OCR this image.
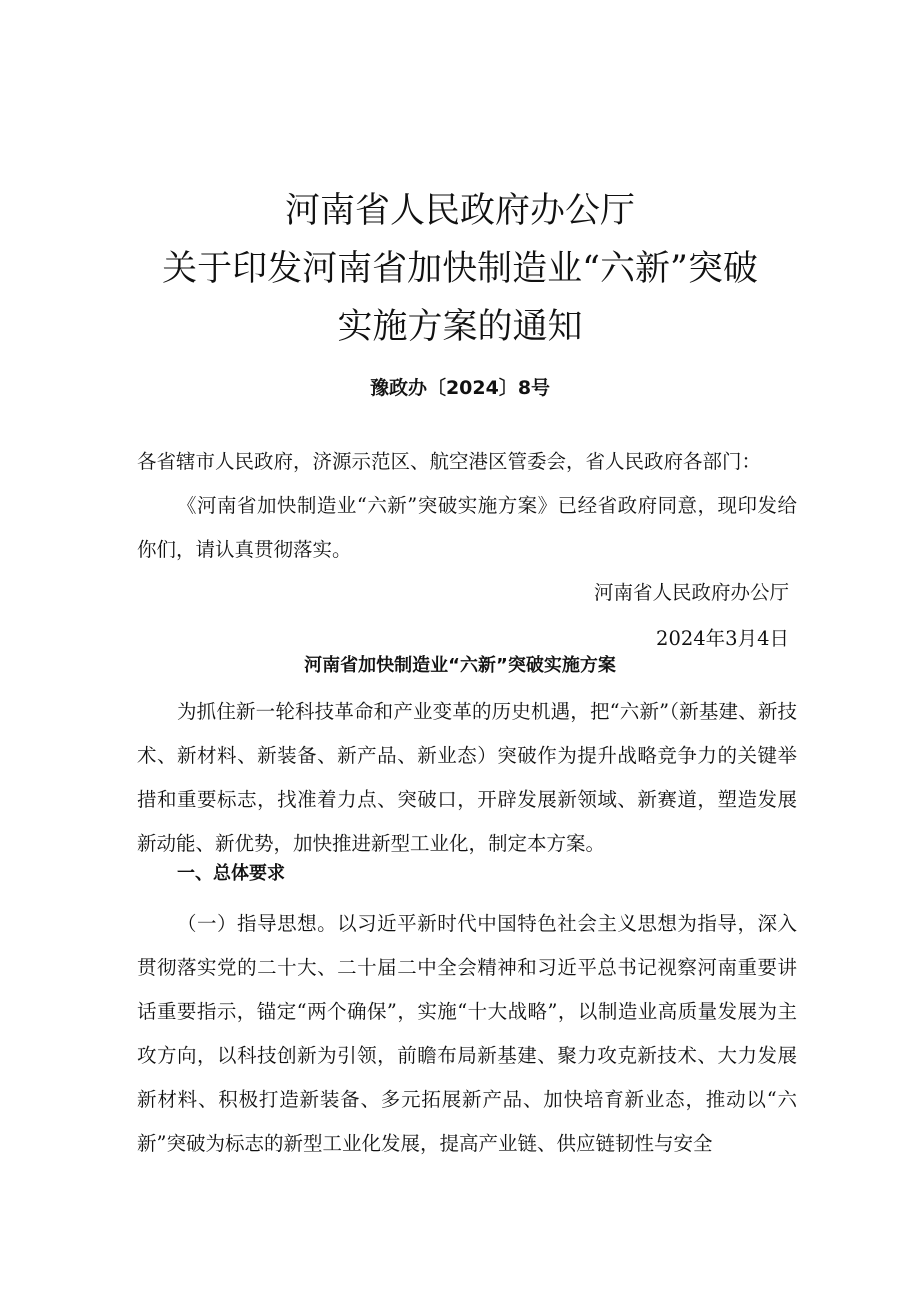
河南省人民政府办公厅
关于印发河南省加快制造业“六新”突破
实施方案的通知
豫政办〔2024〕8号
各省辖市人民政府，济源示范区、航空港区管委会，省人民政府各部门：
《河南省加快制造业“六新”突破实施方案》已经省政府同意，现印发给你们，请认真贯彻落实。
河南省人民政府办公厅
2024年3月4日
河南省加快制造业“六新”突破实施方案
为抓住新一轮科技革命和产业变革的历史机遇，把“六新”（新基建、新技术、新材料、新装备、新产品、新业态）突破作为提升战略竞争力的关键举措和重要标志，找准着力点、突破口，开辟发展新领域、新赛道，塑造发展新动能、新优势，加快推进新型工业化，制定本方案。
一、总体要求
（一）指导思想。以习近平新时代中国特色社会主义思想为指导，深入贯彻落实党的二十大、二十届二中全会精神和习近平总书记视察河南重要讲话重要指示，锚定“两个确保”，实施“十大战略”，以制造业高质量发展为主攻方向，以科技创新为引领，前瞻布局新基建、聚力攻克新技术、大力发展新材料、积极打造新装备、多元拓展新产品、加快培育新业态，推动以“六新”突破为标志的新型工业化发展，提高产业链、供应链韧性与安全
